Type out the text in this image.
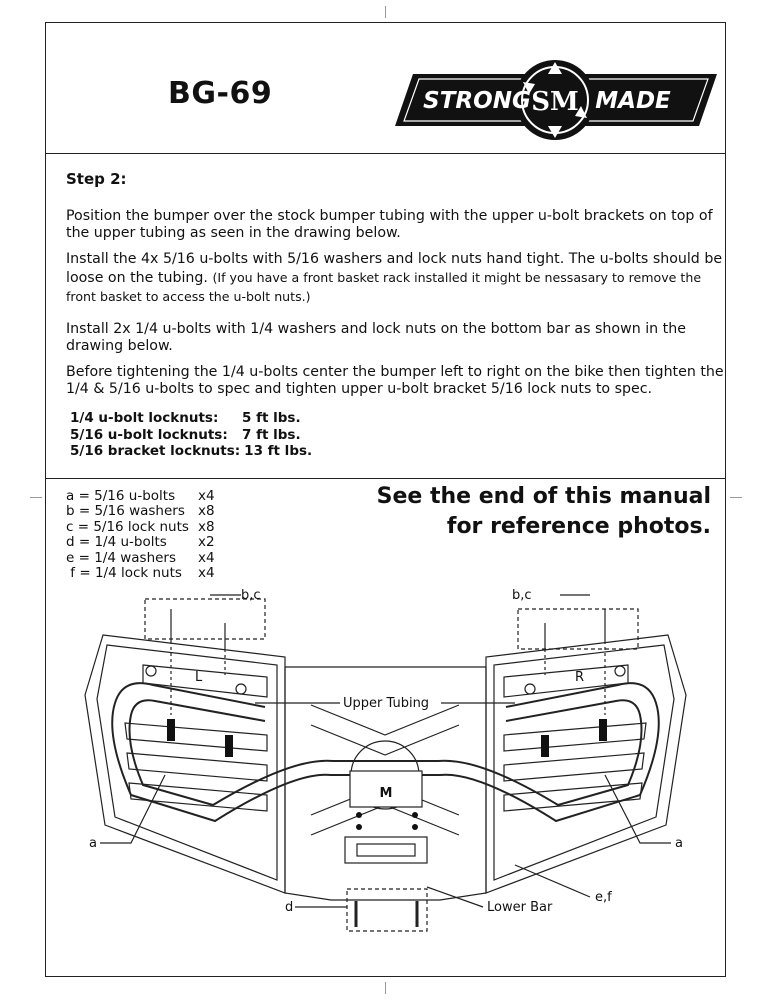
BG-69	STRONG SM MADE
Step 2:
Position the bumper over the stock bumper tubing with the upper u-bolt brackets on top of the upper tubing as seen in the drawing below.
Install the 4x 5/16 u-bolts with 5/16 washers and lock nuts hand tight. The u-bolts should be loose on the tubing. (If you have a front basket rack installed it might be nessasary to remove the front basket to access the u-bolt nuts.)
Install 2x 1/4 u-bolts with 1/4 washers and lock nuts on the bottom bar as shown in the drawing below.
Before tightening the 1/4 u-bolts center the bumper left to right on the bike then tighten the 1/4 & 5/16 u-bolts to spec and tighten upper u-bolt bracket 5/16 lock nuts to spec.
1/4 u-bolt locknuts:	5 ft lbs.
5/16 u-bolt locknuts:	7 ft lbs.
5/16 bracket locknuts: 13 ft lbs.
a = 5/16 u-bolts	x4
b = 5/16 washers x8
c = 5/16 lock nuts x8
d = 1/4 u-bolts	x2
e = 1/4 washers	x4
f = 1/4 lock nuts	x4
See the end of this manual
for reference photos.
b,c	b,c
Upper Tubing
a	a
e,f
d	Lower Bar
L	R
M
